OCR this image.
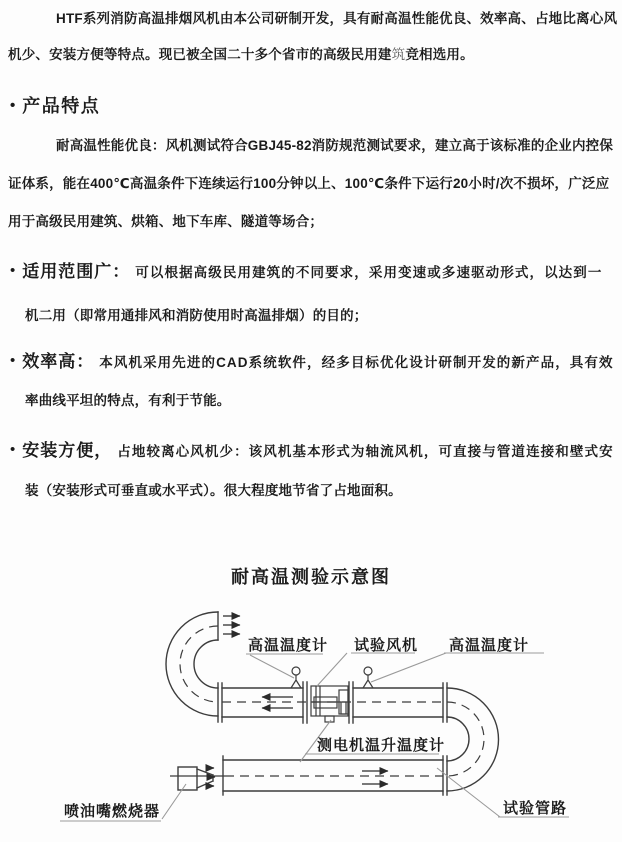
HTF系列消防高温排烟风机由本公司研制开发，具有耐高温性能优良、效率高、占地比离心风
机少、安装方便等特点。现已被全国二十多个省市的高级民用建筑竞相选用。
• 产品特点
耐高温性能优良：风机测试符合GBJ45-82消防规范测试要求，建立高于该标准的企业内控保
证体系，能在400℃高温条件下连续运行100分钟以上、100℃条件下运行20小时/次不损坏，广泛应
用于高级民用建筑、烘箱、地下车库、隧道等场合；
• 适用范围广： 可以根据高级民用建筑的不同要求，采用变速或多速驱动形式，以达到一
机二用（即常用通排风和消防使用时高温排烟）的目的；
• 效率高： 本风机采用先进的CAD系统软件，经多目标优化设计研制开发的新产品，具有效
率曲线平坦的特点，有利于节能。
• 安装方便， 占地较离心风机少：该风机基本形式为轴流风机，可直接与管道连接和壁式安
装（安装形式可垂直或水平式）。很大程度地节省了占地面积。
耐高温测验示意图
高温温度计 试验风机 高温温度计
测电机温升温度计
喷油嘴燃烧器	试验管路
